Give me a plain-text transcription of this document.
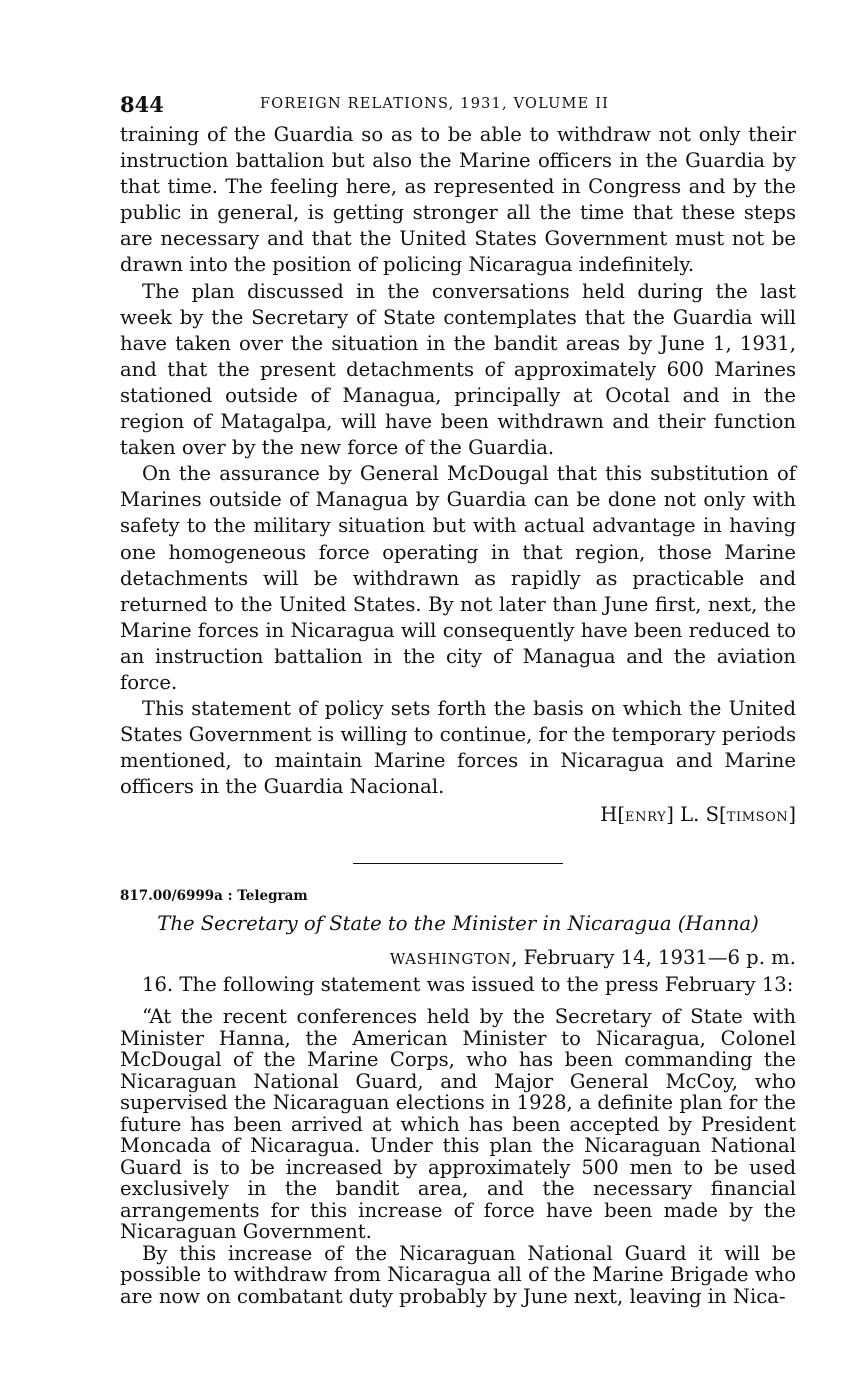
844	FOREIGN RELATIONS, 1931, VOLUME II

training of the Guardia so as to be able to withdraw not only their instruction battalion but also the Marine officers in the Guardia by that time. The feeling here, as represented in Congress and by the public in general, is getting stronger all the time that these steps are necessary and that the United States Government must not be drawn into the position of policing Nicaragua indefinitely.

The plan discussed in the conversations held during the last week by the Secretary of State contemplates that the Guardia will have taken over the situation in the bandit areas by June 1, 1931, and that the present detachments of approximately 600 Marines stationed outside of Managua, principally at Ocotal and in the region of Matagalpa, will have been withdrawn and their function taken over by the new force of the Guardia.

On the assurance by General McDougal that this substitution of Marines outside of Managua by Guardia can be done not only with safety to the military situation but with actual advantage in having one homogeneous force operating in that region, those Marine detachments will be withdrawn as rapidly as practicable and returned to the United States. By not later than June first, next, the Marine forces in Nicaragua will consequently have been reduced to an instruction battalion in the city of Managua and the aviation force.

This statement of policy sets forth the basis on which the United States Government is willing to continue, for the temporary periods mentioned, to maintain Marine forces in Nicaragua and Marine officers in the Guardia Nacional.

H[ENRY] L. S[TIMSON]
817.00/6999a : Telegram
The Secretary of State to the Minister in Nicaragua (Hanna)
WASHINGTON, February 14, 1931—6 p. m.
16. The following statement was issued to the press February 13:

“At the recent conferences held by the Secretary of State with Minister Hanna, the American Minister to Nicaragua, Colonel McDougal of the Marine Corps, who has been commanding the Nicaraguan National Guard, and Major General McCoy, who supervised the Nicaraguan elections in 1928, a definite plan for the future has been arrived at which has been accepted by President Moncada of Nicaragua. Under this plan the Nicaraguan National Guard is to be increased by approximately 500 men to be used exclusively in the bandit area, and the necessary financial arrangements for this increase of force have been made by the Nicaraguan Government.

By this increase of the Nicaraguan National Guard it will be possible to withdraw from Nicaragua all of the Marine Brigade who are now on combatant duty probably by June next, leaving in Nica-
